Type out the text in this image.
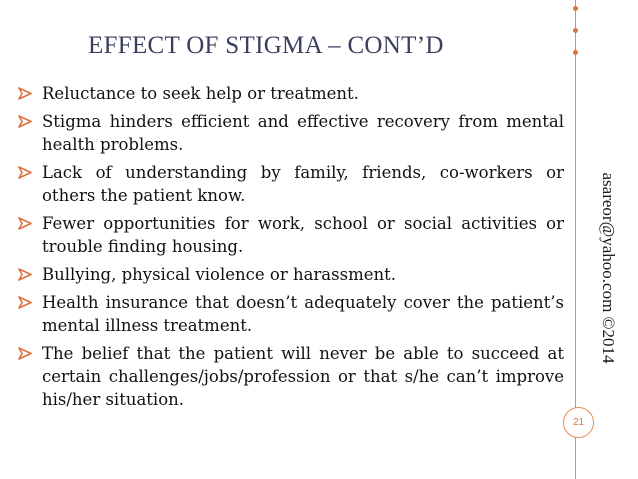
EFFECT OF STIGMA – CONT’D
Reluctance to seek help or treatment.
Stigma hinders efficient and effective recovery from mental health problems.
Lack of understanding by family, friends, co-workers or others the patient know.
Fewer opportunities for work, school or social activities or trouble finding housing.
Bullying, physical violence or harassment.
Health insurance that doesn’t adequately cover the patient’s mental illness treatment.
The belief that the patient will never be able to succeed at certain challenges/jobs/profession or that s/he can’t improve his/her situation.
asareor@yahoo.com ©2014
21
